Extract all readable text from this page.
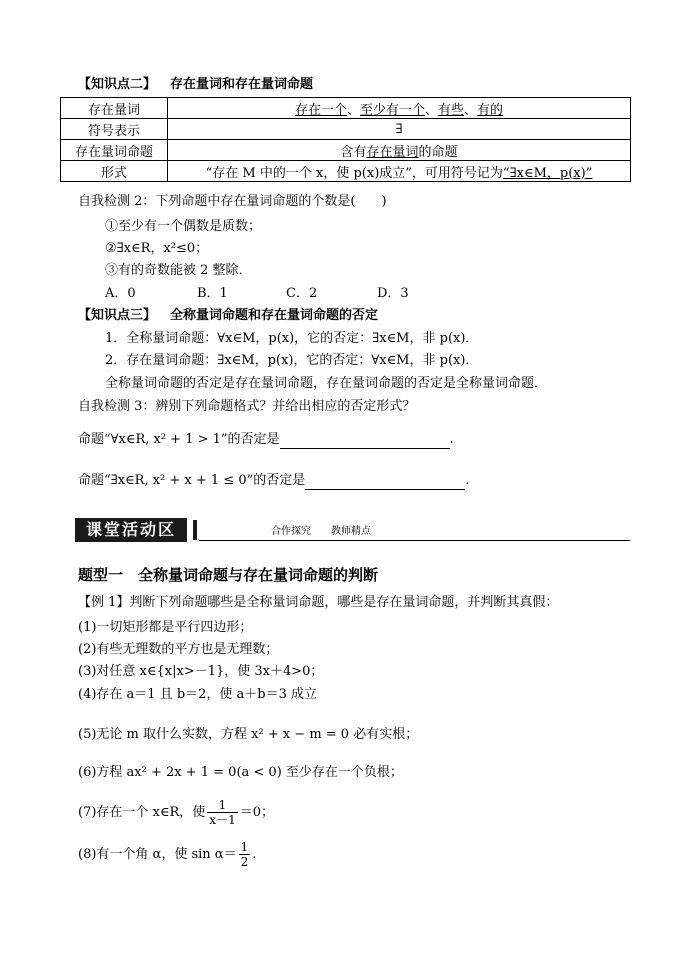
【知识点二】 存在量词和存在量词命题
存在量词	存在一个、至少有一个、有些、有的
符号表示	∃
存在量词命题	含有存在量词的命题
形式	“存在 M 中的一个 x，使 p(x)成立”，可用符号记为“∃x∈M，p(x)”
自我检测 2：下列命题中存在量词命题的个数是(　　)
①至少有一个偶数是质数；
②∃x∈R，x²≤0；
③有的奇数能被 2 整除．
A．0	B．1	C．2	D．3
【知识点三】 全称量词命题和存在量词命题的否定
1．全称量词命题：∀x∈M，p(x)，它的否定：∃x∈M，非 p(x)．
2．存在量词命题：∃x∈M，p(x)，它的否定：∀x∈M，非 p(x)．
全称量词命题的否定是存在量词命题，存在量词命题的否定是全称量词命题．
自我检测 3：辨别下列命题格式？并给出相应的否定形式？
命题“∀x∈R, x² + 1 > 1”的否定是	.
命题“∃x∈R, x² + x + 1 ≤ 0”的否定是	.
课堂活动区	合作探究　　教师精点
题型一　全称量词命题与存在量词命题的判断
【例 1】判断下列命题哪些是全称量词命题，哪些是存在量词命题，并判断其真假：
(1)一切矩形都是平行四边形；
(2)有些无理数的平方也是无理数；
(3)对任意 x∈{x|x>－1}，使 3x＋4>0；
(4)存在 a＝1 且 b＝2，使 a＋b＝3 成立
(5)无论 m 取什么实数，方程 x² + x − m = 0 必有实根；
(6)方程 ax² + 2x + 1 = 0(a < 0) 至少存在一个负根；
(7)存在一个 x∈R，使 $\frac{1}{x-1} =0$；
(8)有一个角 α，使 $\sin \alpha= \frac{1}{2}$ .
